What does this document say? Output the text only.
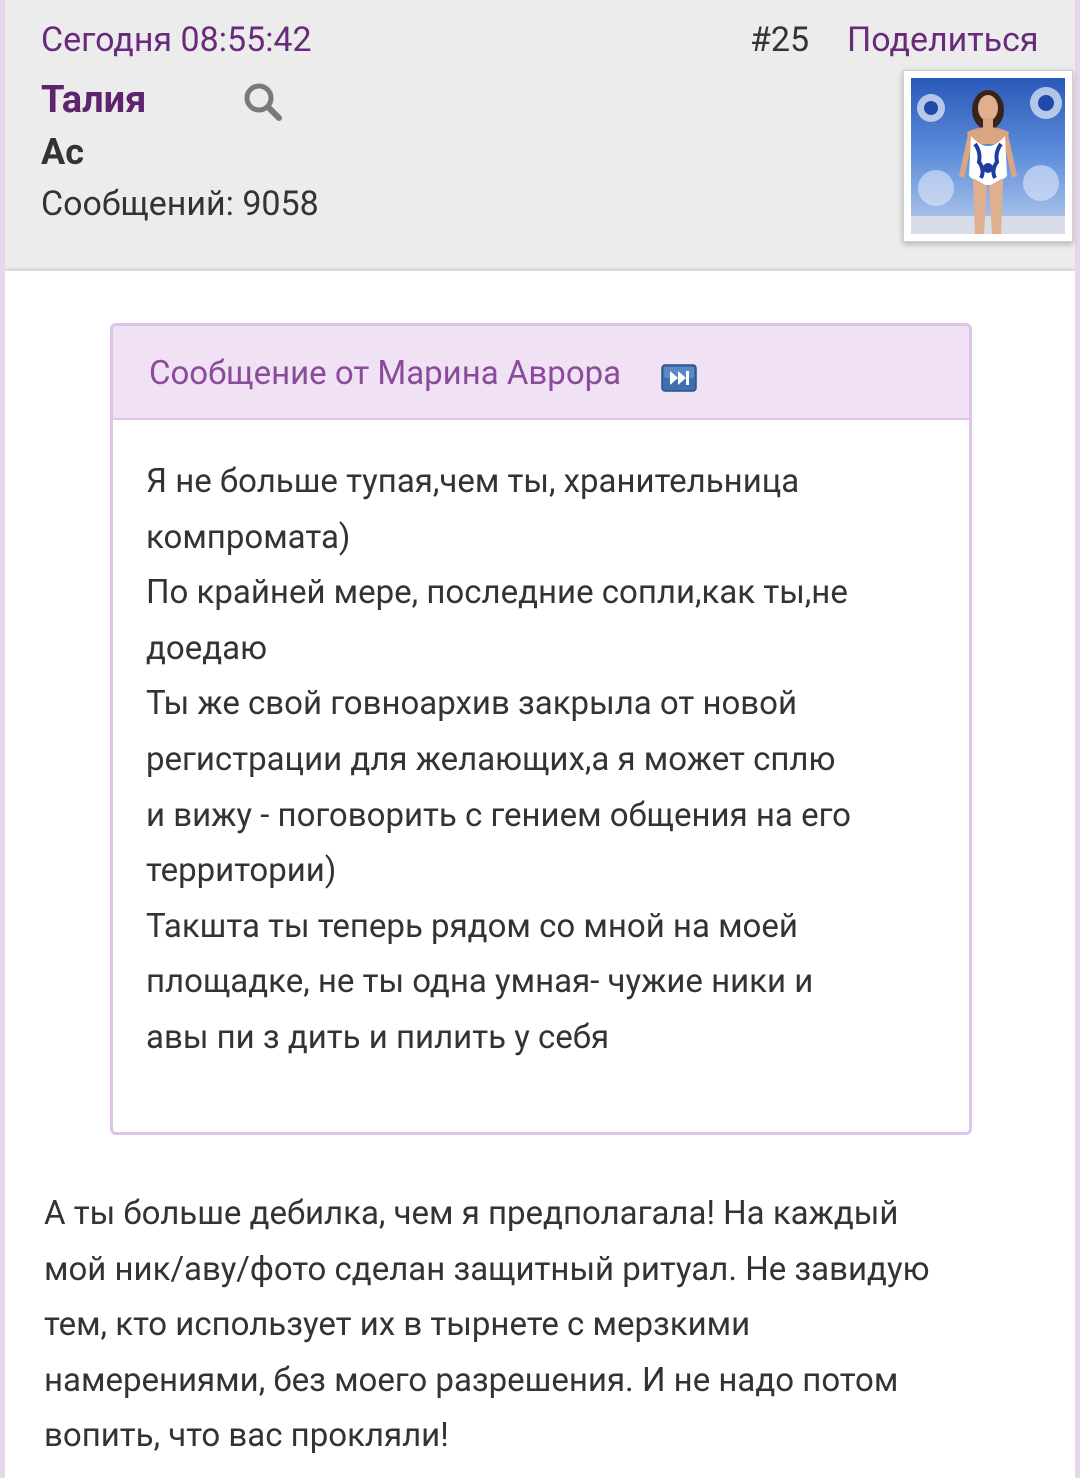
Сегодня 08:55:42	#25 Поделиться
Талия
Ас
Сообщений: 9058
Сообщение от Марина Аврора
Я не больше тупая,чем ты, хранительница
компромата)
По крайней мере, последние сопли,как ты,не
доедаю
Ты же свой говноархив закрыла от новой
регистрации для желающих,а я может сплю
и вижу - поговорить с гением общения на его
территории)
Такшта ты теперь рядом со мной на моей
площадке, не ты одна умная- чужие ники и
авы пи з дить и пилить у себя
А ты больше дебилка, чем я предполагала! На каждый
мой ник/аву/фото сделан защитный ритуал. Не завидую
тем, кто использует их в тырнете с мерзкими
намерениями, без моего разрешения. И не надо потом
вопить, что вас прокляли!
